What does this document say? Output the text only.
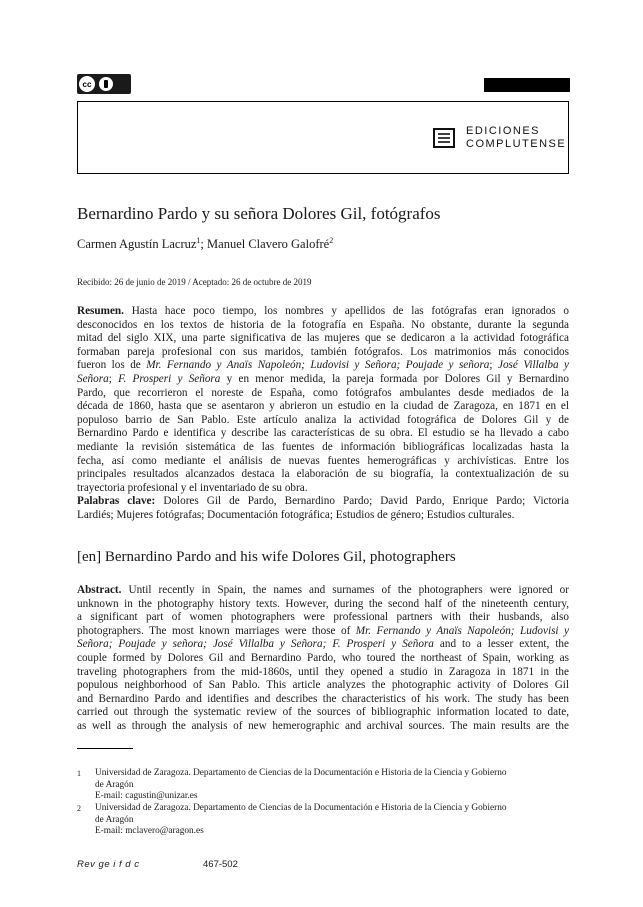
cc
EDICIONES
COMPLUTENSE
Bernardino Pardo y su señora Dolores Gil, fotógrafos
Carmen Agustín Lacruz$^1$; Manuel Clavero Galofré$^2$
Recibido: 26 de junio de 2019 / Aceptado: 26 de octubre de 2019
Resumen. Hasta hace poco tiempo, los nombres y apellidos de las fotógrafas eran ignorados o
desconocidos en los textos de historia de la fotografía en España. No obstante, durante la segunda
mitad del siglo XIX, una parte significativa de las mujeres que se dedicaron a la actividad fotográfica
formaban pareja profesional con sus maridos, también fotógrafos. Los matrimonios más conocidos
fueron los de Mr. Fernando y Anaïs Napoleón; Ludovisi y Señora; Poujade y señora; José Villalba y
Señora; F. Prosperi y Señora y en menor medida, la pareja formada por Dolores Gil y Bernardino
Pardo, que recorrieron el noreste de España, como fotógrafos ambulantes desde mediados de la
década de 1860, hasta que se asentaron y abrieron un estudio en la ciudad de Zaragoza, en 1871 en el
populoso barrio de San Pablo. Este artículo analiza la actividad fotográfica de Dolores Gil y de
Bernardino Pardo e identifica y describe las características de su obra. El estudio se ha llevado a cabo
mediante la revisión sistemática de las fuentes de información bibliográficas localizadas hasta la
fecha, así como mediante el análisis de nuevas fuentes hemerográficas y archivísticas. Entre los
principales resultados alcanzados destaca la elaboración de su biografía, la contextualización de su
trayectoria profesional y el inventariado de su obra.
Palabras clave: Dolores Gil de Pardo, Bernardino Pardo; David Pardo, Enrique Pardo; Victoria
Lardiés; Mujeres fotógrafas; Documentación fotográfica; Estudios de género; Estudios culturales.
[en] Bernardino Pardo and his wife Dolores Gil, photographers
Abstract. Until recently in Spain, the names and surnames of the photographers were ignored or
unknown in the photography history texts. However, during the second half of the nineteenth century,
a significant part of women photographers were professional partners with their husbands, also
photographers. The most known marriages were those of Mr. Fernando y Anaïs Napoleón; Ludovisi y
Señora; Poujade y señora; José Villalba y Señora; F. Prosperi y Señora and to a lesser extent, the
couple formed by Dolores Gil and Bernardino Pardo, who toured the northeast of Spain, working as
traveling photographers from the mid-1860s, until they opened a studio in Zaragoza in 1871 in the
populous neighborhood of San Pablo. This article analyzes the photographic activity of Dolores Gil
and Bernardino Pardo and identifies and describes the characteristics of his work. The study has been
carried out through the systematic review of the sources of bibliographic information located to date,
as well as through the analysis of new hemerographic and archival sources. The main results are the
1 Universidad de Zaragoza. Departamento de Ciencias de la Documentación e Historia de la Ciencia y Gobierno
de Aragón
E-mail: cagustin@unizar.es
2 Universidad de Zaragoza. Departamento de Ciencias de la Documentación e Historia de la Ciencia y Gobierno
de Aragón
E-mail: mclavero@aragon.es
Rev ge i f d c	467-502
